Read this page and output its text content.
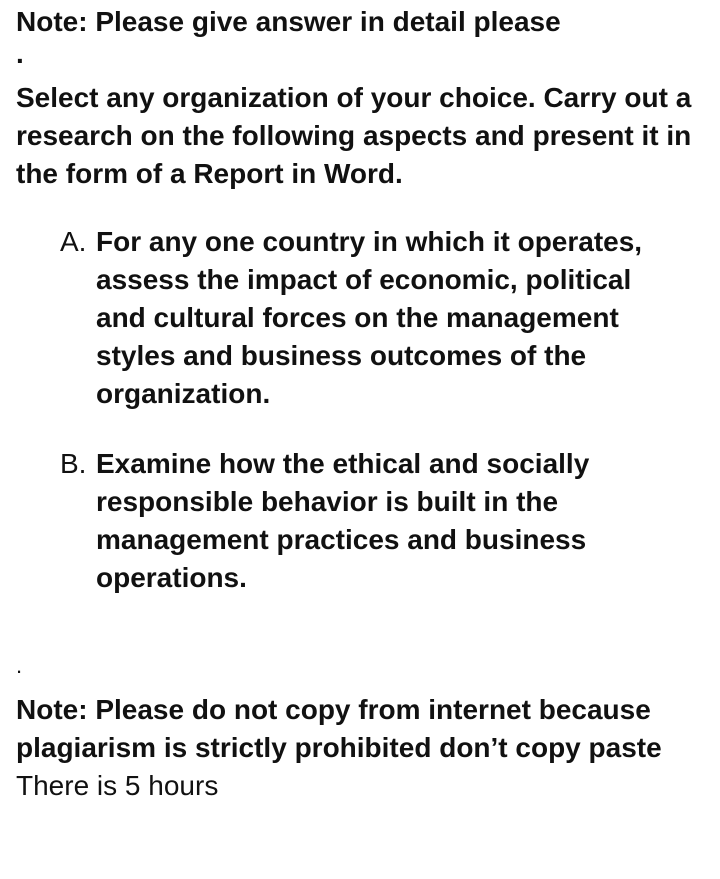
Note: Please give answer in detail please

.

Select any organization of your choice. Carry out a research on the following aspects and present it in the form of a Report in Word.

A. For any one country in which it operates, assess the impact of economic, political and cultural forces on the management styles and business outcomes of the organization.
B. Examine how the ethical and socially responsible behavior is built in the management practices and business operations.
.

Note: Please do not copy from internet because plagiarism is strictly prohibited don’t copy paste

There is 5 hours
